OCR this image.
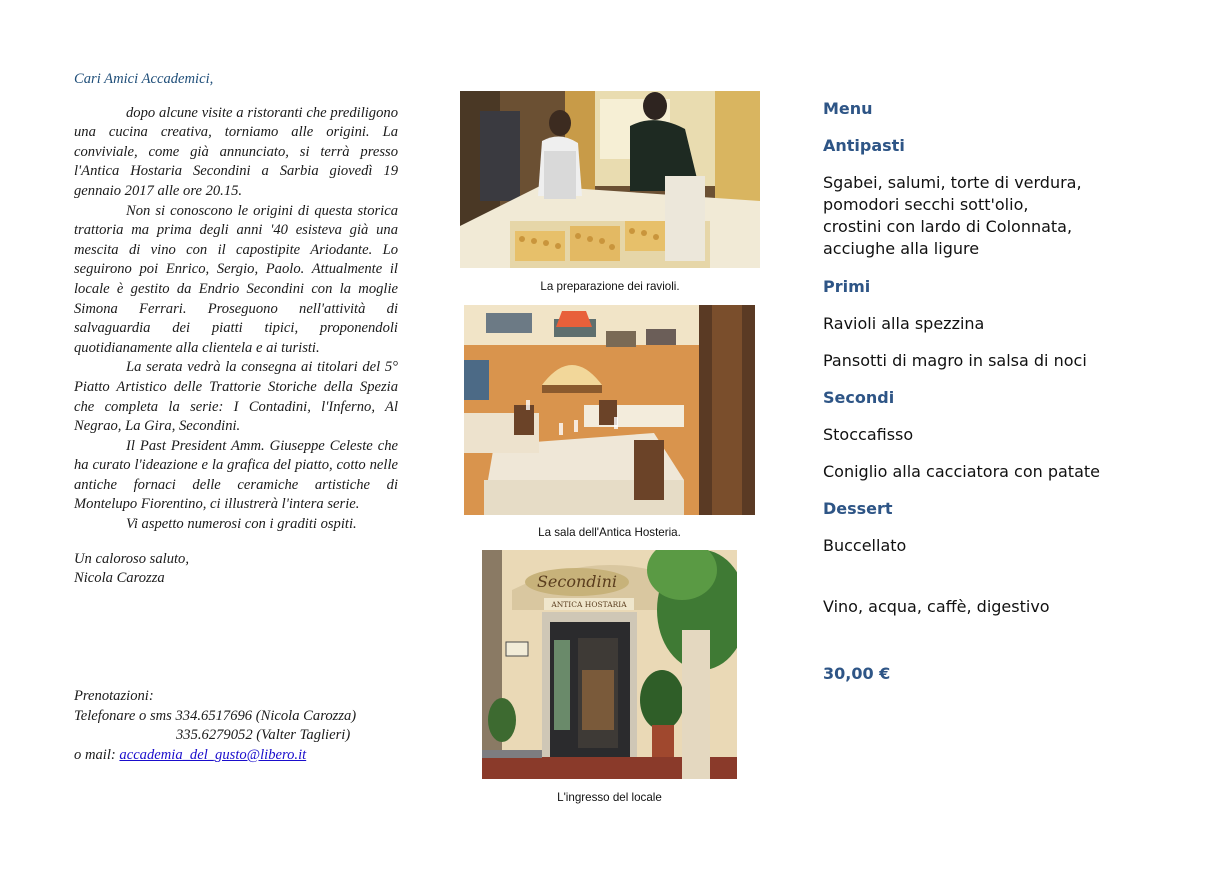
Cari Amici Accademici,

dopo alcune visite a ristoranti che prediligono una cucina creativa, torniamo alle origini. La conviviale, come già annunciato, si terrà presso l'Antica Hostaria Secondini a Sarbia giovedì 19 gennaio 2017 alle ore 20.15.

Non si conoscono le origini di questa storica trattoria ma prima degli anni '40 esisteva già una mescita di vino con il capostipite Ariodante. Lo seguirono poi Enrico, Sergio, Paolo. Attualmente il locale è gestito da Endrio Secondini con la moglie Simona Ferrari. Proseguono nell'attività di salvaguardia dei piatti tipici, proponendoli quotidianamente alla clientela e ai turisti.

La serata vedrà la consegna ai titolari del 5° Piatto Artistico delle Trattorie Storiche della Spezia che completa la serie: I Contadini, l'Inferno, Al Negrao, La Gira, Secondini.

Il Past President Amm. Giuseppe Celeste che ha curato l'ideazione e la grafica del piatto, cotto nelle antiche fornaci delle ceramiche artistiche di Montelupo Fiorentino, ci illustrerà l'intera serie.

Vi aspetto numerosi con i graditi ospiti.

Un caloroso saluto,

Nicola Carozza

Prenotazioni:

Telefonare o sms 334.6517696 (Nicola Carozza)

335.6279052 (Valter Taglieri)

o mail: accademia_del_gusto@libero.it

La preparazione dei ravioli.
La sala dell'Antica Hosteria.
Secondini
ANTICA HOSTARIA
L'ingresso del locale
Menu
Antipasti
Sgabei, salumi, torte di verdura,
pomodori secchi sott'olio,
crostini con lardo di Colonnata,
acciughe alla ligure
Primi
Ravioli alla spezzina
Pansotti di magro in salsa di noci
Secondi
Stoccafisso
Coniglio alla cacciatora con patate
Dessert
Buccellato
Vino, acqua, caffè, digestivo
30,00 €
